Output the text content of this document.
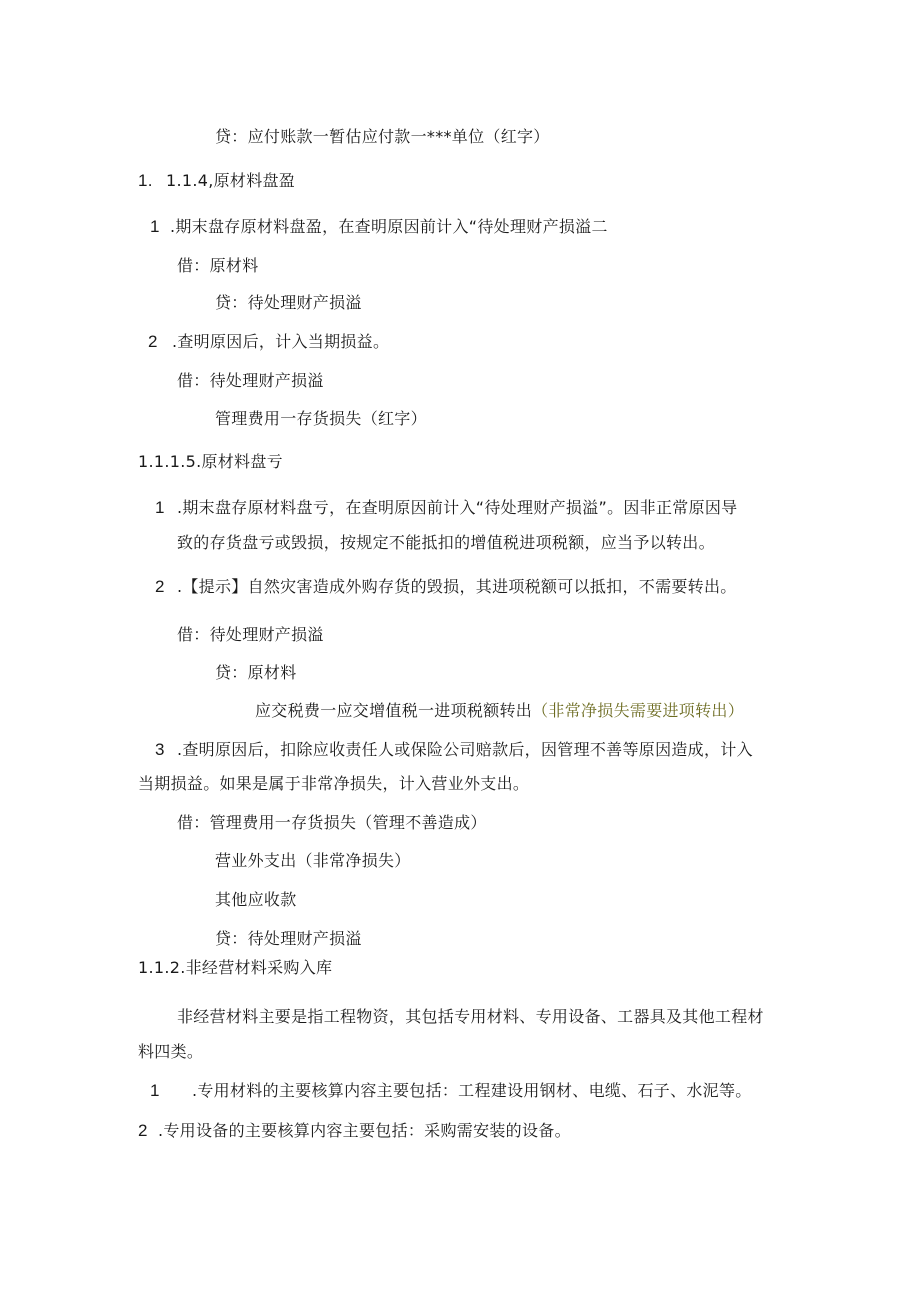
贷：应付账款一暂估应付款一***单位（红字）
1. 1.1.4,原材料盘盈
1 .期末盘存原材料盘盈，在查明原因前计入“待处理财产损溢二
借：原材料
贷：待处理财产损溢
2 .查明原因后，计入当期损益。
借：待处理财产损溢
管理费用一存货损失（红字）
1.1.1.5.原材料盘亏
1 .期末盘存原材料盘亏，在查明原因前计入“待处理财产损溢”。因非正常原因导
致的存货盘亏或毁损，按规定不能抵扣的增值税进项税额，应当予以转出。
2 .【提示】自然灾害造成外购存货的毁损，其进项税额可以抵扣，不需要转出。
借：待处理财产损溢
贷：原材料
应交税费一应交增值税一进项税额转出（非常净损失需要进项转出）
3 .查明原因后，扣除应收责任人或保险公司赔款后，因管理不善等原因造成，计入
当期损益。如果是属于非常净损失，计入营业外支出。
借：管理费用一存货损失（管理不善造成）
营业外支出（非常净损失）
其他应收款
贷：待处理财产损溢
1.1.2.非经营材料采购入库
非经营材料主要是指工程物资，其包括专用材料、专用设备、工器具及其他工程材
料四类。
1 .专用材料的主要核算内容主要包括：工程建设用钢材、电缆、石子、水泥等。
2 .专用设备的主要核算内容主要包括：采购需安装的设备。
